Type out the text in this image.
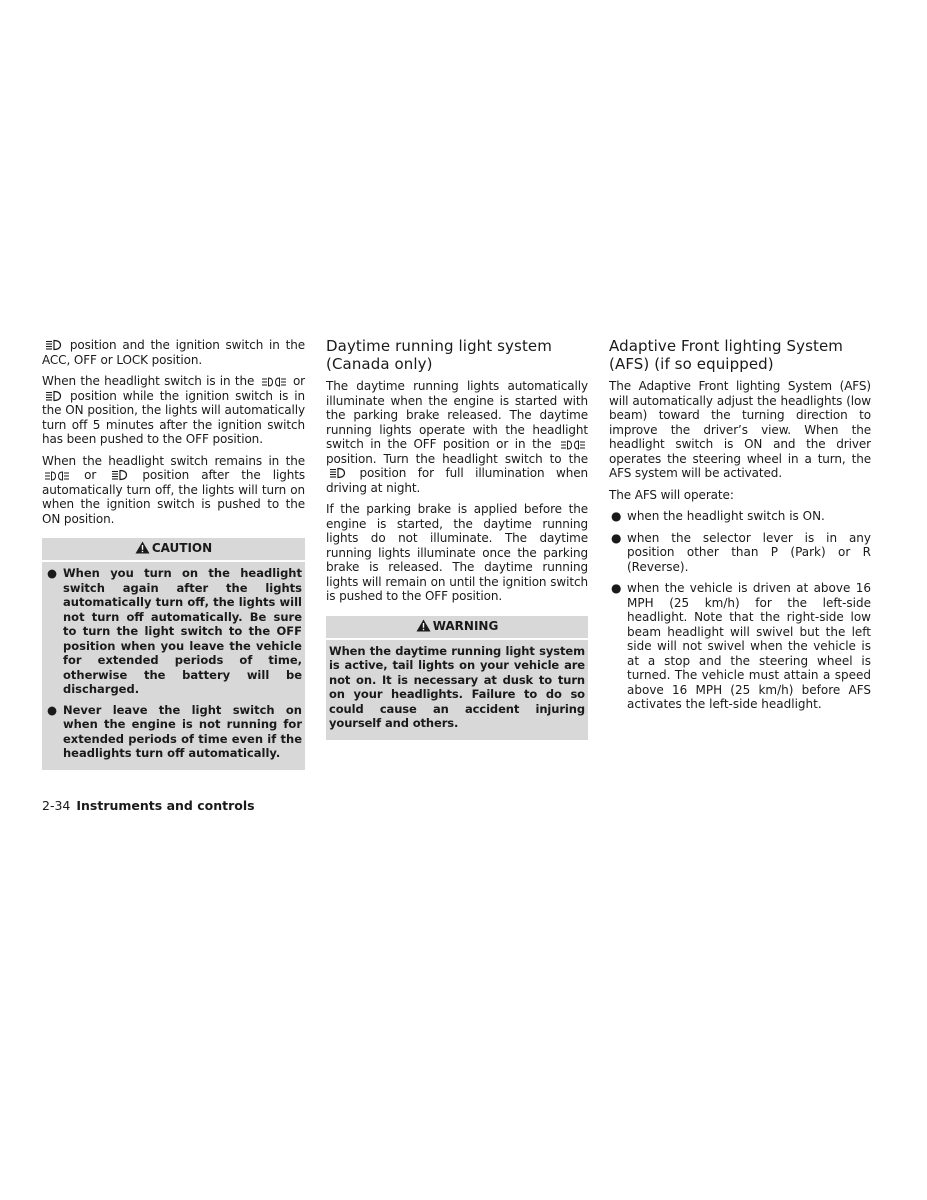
position and the ignition switch in the ACC, OFF or LOCK position.

When the headlight switch is in the	or
position while the ignition switch is in the ON position, the lights will automatically turn off 5 minutes after the ignition switch has been pushed to the OFF position.

When the headlight switch remains in the
or	position after the lights automatically turn off, the lights will turn on when the ignition switch is pushed to the ON position.

CAUTION
● When you turn on the headlight switch again after the lights automatically turn off, the lights will not turn off automatically. Be sure to turn the light switch to the OFF position when you leave the vehicle for extended periods of time, otherwise the battery will be discharged.
● Never leave the light switch on when the engine is not running for extended periods of time even if the headlights turn off automatically.
Daytime running light system (Canada only)

The daytime running lights automatically illuminate when the engine is started with the parking brake released. The daytime running lights operate with the headlight switch in the OFF position or in the
position. Turn the headlight switch to the
position for full illumination when driving at night.

If the parking brake is applied before the engine is started, the daytime running lights do not illuminate. The daytime running lights illuminate once the parking brake is released. The daytime running lights will remain on until the ignition switch is pushed to the OFF position.

WARNING

When the daytime running light system is active, tail lights on your vehicle are not on. It is necessary at dusk to turn on your headlights. Failure to do so could cause an accident injuring yourself and others.

Adaptive Front lighting System (AFS) (if so equipped)

The Adaptive Front lighting System (AFS) will automatically adjust the headlights (low beam) toward the turning direction to improve the driver’s view. When the headlight switch is ON and the driver operates the steering wheel in a turn, the AFS system will be activated.

The AFS will operate:

● when the headlight switch is ON.
● when the selector lever is in any position other than P (Park) or R (Reverse).
● when the vehicle is driven at above 16 MPH (25 km/h) for the left-side headlight. Note that the right-side low beam headlight will swivel but the left side will not swivel when the vehicle is at a stop and the steering wheel is turned. The vehicle must attain a speed above 16 MPH (25 km/h) before AFS activates the left-side headlight.
2-34 Instruments and controls
